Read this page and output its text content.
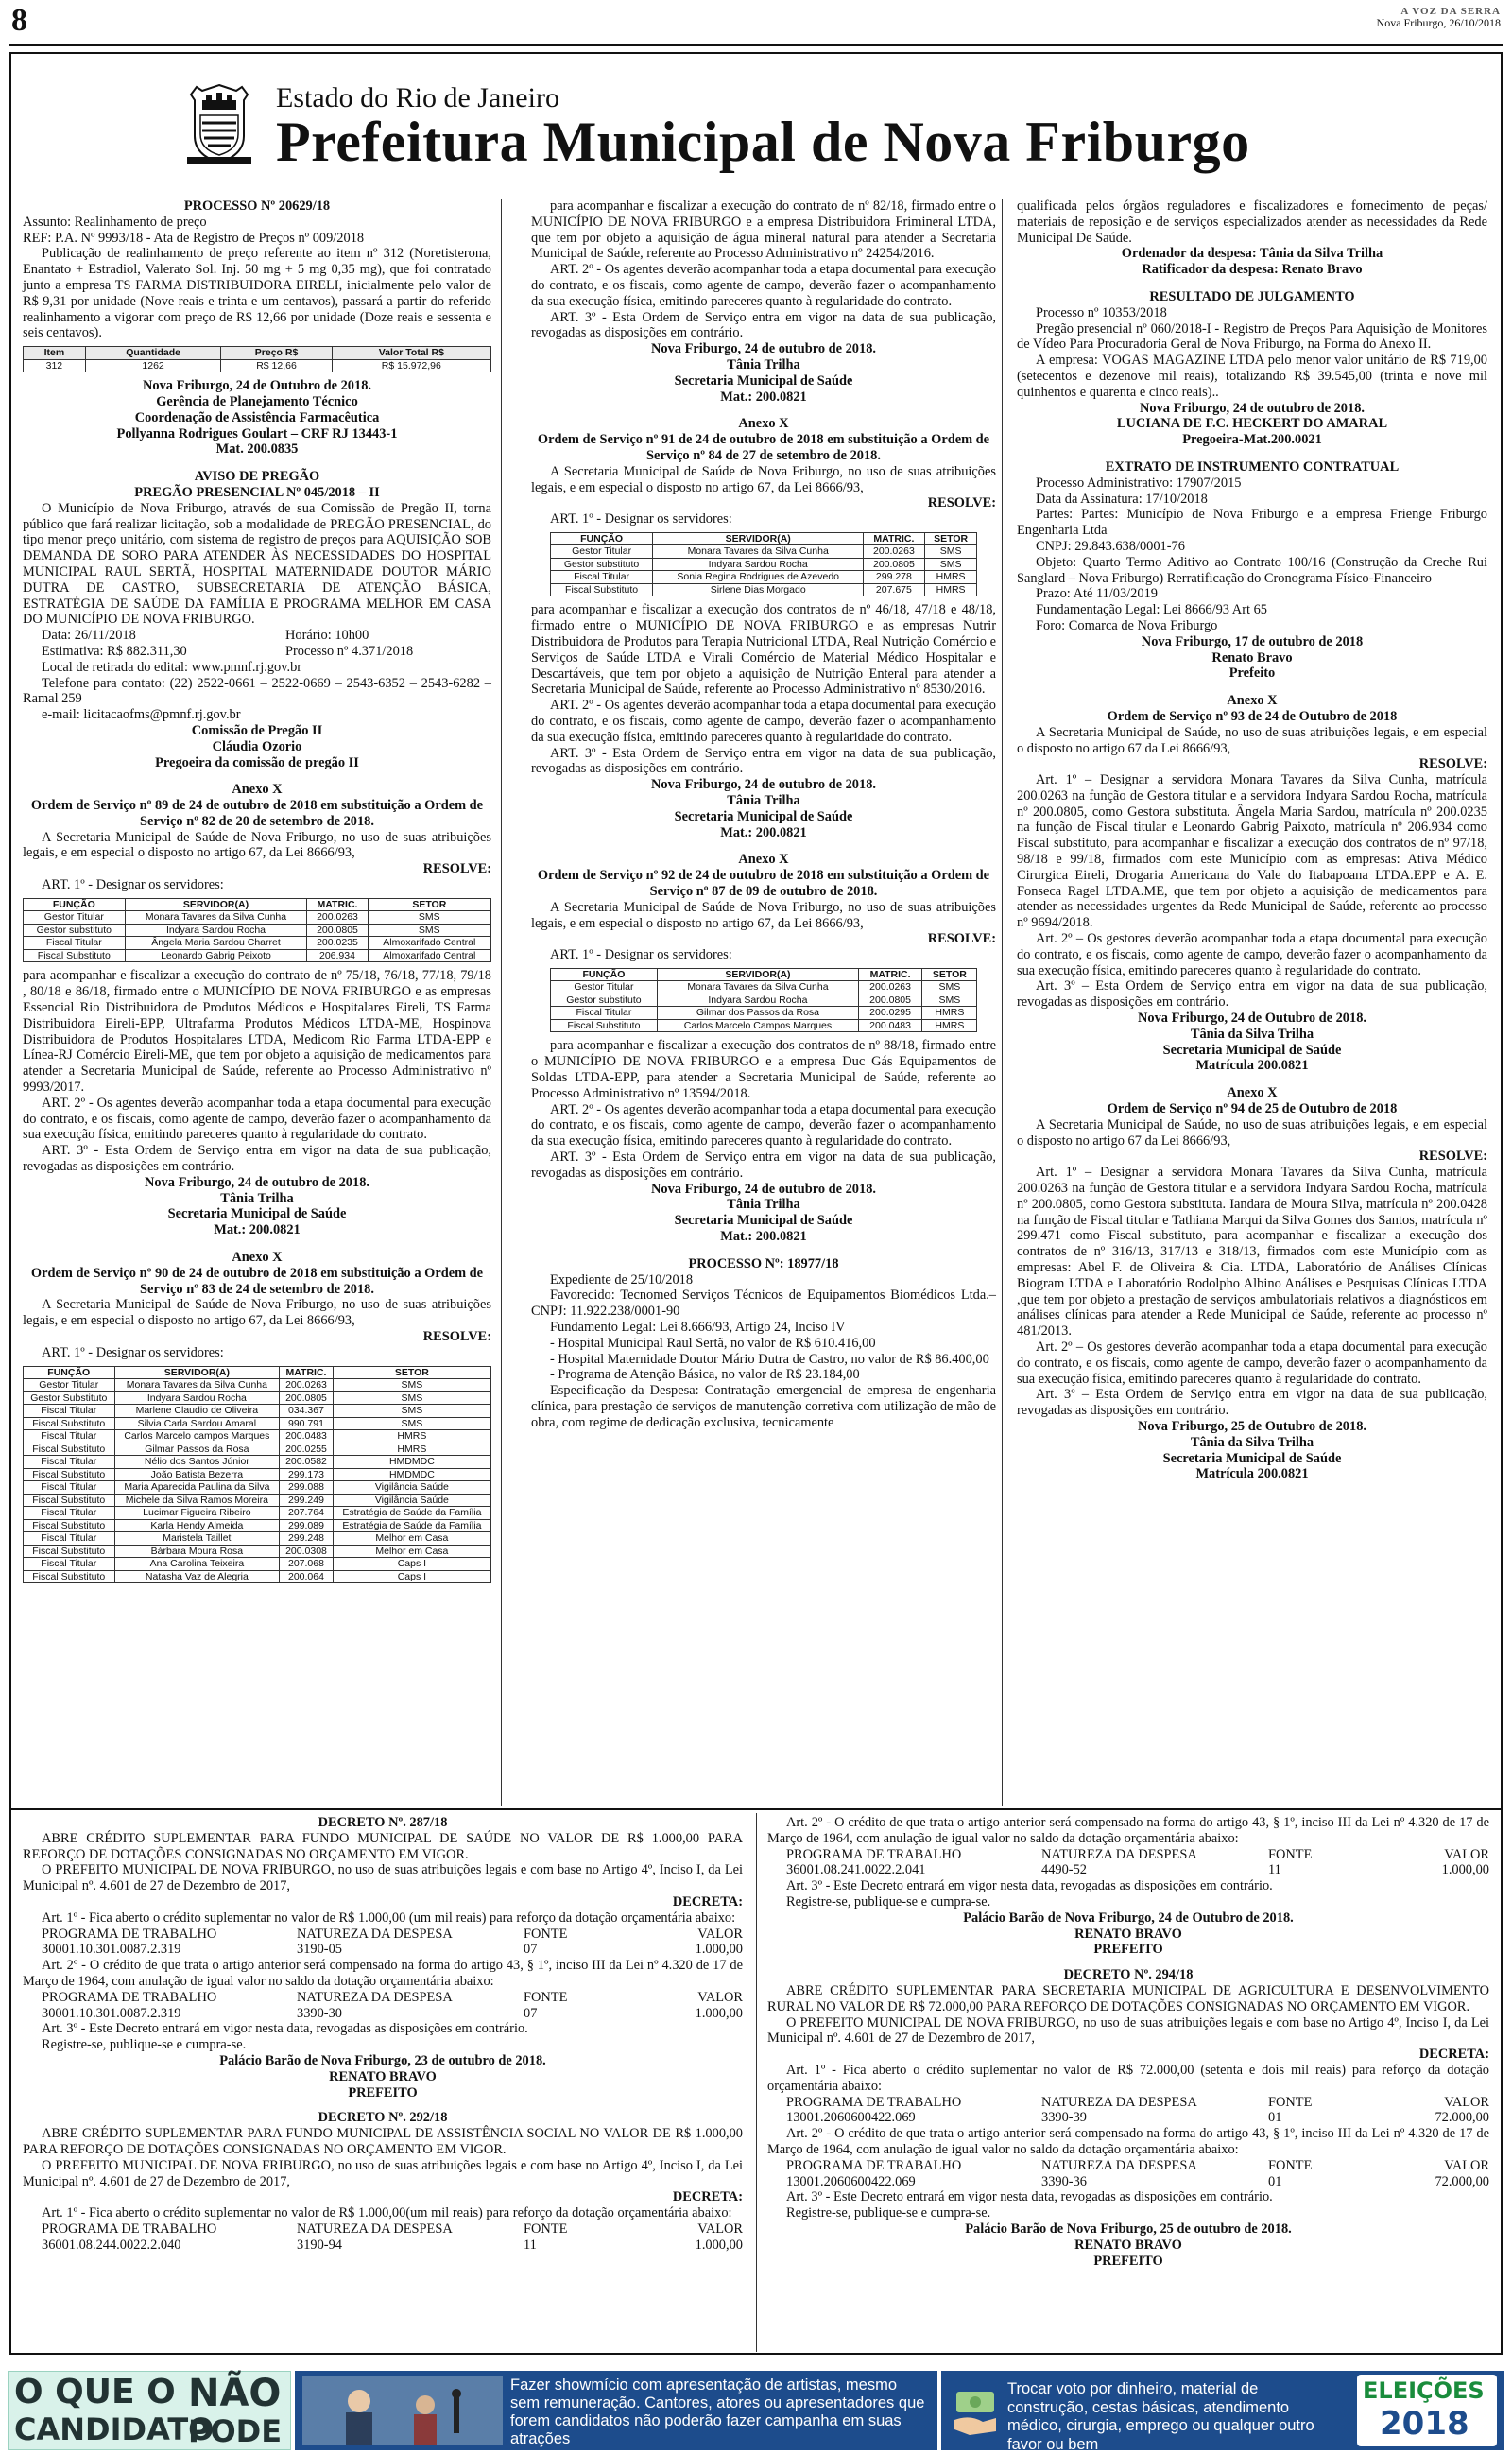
8	A VOZ DA SERRA
Nova Friburgo, 26/10/2018
Estado do Rio de Janeiro
Prefeitura Municipal de Nova Friburgo

PROCESSO Nº 20629/18

Assunto: Realinhamento de preço

REF: P.A. Nº 9993/18 - Ata de Registro de Preços nº 009/2018

Publicação de realinhamento de preço referente ao item nº 312 (Noretisterona, Enantato + Estradiol, Valerato Sol. Inj. 50 mg + 5 mg 0,35 mg), que foi contratado junto a empresa TS FARMA DISTRIBUIDORA EIRELI, inicialmente pelo valor de R$ 9,31 por unidade (Nove reais e trinta e um centavos), passará a partir do referido realinhamento a vigorar com preço de R$ 12,66 por unidade (Doze reais e sessenta e seis centavos).

Item	Quantidade	Preço R$	Valor Total R$
312	1262	R$ 12,66	R$ 15.972,96

Nova Friburgo, 24 de Outubro de 2018.

Gerência de Planejamento Técnico

Coordenação de Assistência Farmacêutica

Pollyanna Rodrigues Goulart – CRF RJ 13443-1

Mat. 200.0835

AVISO DE PREGÃO

PREGÃO PRESENCIAL Nº 045/2018 – II

O Município de Nova Friburgo, através de sua Comissão de Pregão II, torna público que fará realizar licitação, sob a modalidade de PREGÃO PRESENCIAL, do tipo menor preço unitário, com sistema de registro de preços para AQUISIÇÃO SOB DEMANDA DE SORO PARA ATENDER ÀS NECESSIDADES DO HOSPITAL MUNICIPAL RAUL SERTÃ, HOSPITAL MATERNIDADE DOUTOR MÁRIO DUTRA DE CASTRO, SUBSECRETARIA DE ATENÇÃO BÁSICA, ESTRATÉGIA DE SAÚDE DA FAMÍLIA E PROGRAMA MELHOR EM CASA DO MUNICÍPIO DE NOVA FRIBURGO.

Data: 26/11/2018	Horário: 10h00

Estimativa: R$ 882.311,30	Processo nº 4.371/2018

Local de retirada do edital: www.pmnf.rj.gov.br

Telefone para contato: (22) 2522-0661 – 2522-0669 – 2543-6352 – 2543-6282 – Ramal 259

e-mail: licitacaofms@pmnf.rj.gov.br

Comissão de Pregão II

Cláudia Ozorio

Pregoeira da comissão de pregão II

Anexo X

Ordem de Serviço nº 89 de 24 de outubro de 2018 em substituição a Ordem de Serviço nº 82 de 20 de setembro de 2018.

A Secretaria Municipal de Saúde de Nova Friburgo, no uso de suas atribuições legais, e em especial o disposto no artigo 67, da Lei 8666/93,

RESOLVE:

ART. 1º - Designar os servidores:

FUNÇÃO	SERVIDOR(A)	MATRIC.	SETOR
Gestor Titular	Monara Tavares da Silva Cunha	200.0263	SMS
Gestor substituto	Indyara Sardou Rocha	200.0805	SMS
Fiscal Titular	Ângela Maria Sardou Charret	200.0235	Almoxarifado Central
Fiscal Substituto	Leonardo Gabrig Peixoto	206.934	Almoxarifado Central

para acompanhar e fiscalizar a execução do contrato de nº 75/18, 76/18, 77/18, 79/18 , 80/18 e 86/18, firmado entre o MUNICÍPIO DE NOVA FRIBURGO e as empresas Essencial Rio Distribuidora de Produtos Médicos e Hospitalares Eireli, TS Farma Distribuidora Eireli-EPP, Ultrafarma Produtos Médicos LTDA-ME, Hospinova Distribuidora de Produtos Hospitalares LTDA, Medicom Rio Farma LTDA-EPP e Línea-RJ Comércio Eireli-ME, que tem por objeto a aquisição de medicamentos para atender a Secretaria Municipal de Saúde, referente ao Processo Administrativo nº 9993/2017.

ART. 2º - Os agentes deverão acompanhar toda a etapa documental para execução do contrato, e os fiscais, como agente de campo, deverão fazer o acompanhamento da sua execução física, emitindo pareceres quanto à regularidade do contrato.

ART. 3º - Esta Ordem de Serviço entra em vigor na data de sua publicação, revogadas as disposições em contrário.

Nova Friburgo, 24 de outubro de 2018.

Tânia Trilha

Secretaria Municipal de Saúde

Mat.: 200.0821

Anexo X

Ordem de Serviço nº 90 de 24 de outubro de 2018 em substituição a Ordem de Serviço nº 83 de 24 de setembro de 2018.

A Secretaria Municipal de Saúde de Nova Friburgo, no uso de suas atribuições legais, e em especial o disposto no artigo 67, da Lei 8666/93,

RESOLVE:

ART. 1º - Designar os servidores:

FUNÇÃO	SERVIDOR(A)	MATRIC.	SETOR
Gestor Titular	Monara Tavares da Silva Cunha	200.0263	SMS
Gestor Substituto	Indyara Sardou Rocha	200.0805	SMS
Fiscal Titular	Marlene Claudio de Oliveira	034.367	SMS
Fiscal Substituto	Silvia Carla Sardou Amaral	990.791	SMS
Fiscal Titular	Carlos Marcelo campos Marques	200.0483	HMRS
Fiscal Substituto	Gilmar Passos da Rosa	200.0255	HMRS
Fiscal Titular	Nélio dos Santos Júnior	200.0582	HMDMDC
Fiscal Substituto	João Batista Bezerra	299.173	HMDMDC
Fiscal Titular	Maria Aparecida Paulina da Silva	299.088	Vigilância Saúde
Fiscal Substituto	Michele da Silva Ramos Moreira	299.249	Vigilância Saúde
Fiscal Titular	Lucimar Figueira Ribeiro	207.764	Estratégia de Saúde da Família
Fiscal Substituto	Karla Hendy Almeida	299.089	Estratégia de Saúde da Família
Fiscal Titular	Maristela Taillet	299.248	Melhor em Casa
Fiscal Substituto	Bárbara Moura Rosa	200.0308	Melhor em Casa
Fiscal Titular	Ana Carolina Teixeira	207.068	Caps I
Fiscal Substituto	Natasha Vaz de Alegria	200.064	Caps I

para acompanhar e fiscalizar a execução do contrato de nº 82/18, firmado entre o MUNICÍPIO DE NOVA FRIBURGO e a empresa Distribuidora Frimineral LTDA, que tem por objeto a aquisição de água mineral natural para atender a Secretaria Municipal de Saúde, referente ao Processo Administrativo nº 24254/2016.

ART. 2º - Os agentes deverão acompanhar toda a etapa documental para execução do contrato, e os fiscais, como agente de campo, deverão fazer o acompanhamento da sua execução física, emitindo pareceres quanto à regularidade do contrato.

ART. 3º - Esta Ordem de Serviço entra em vigor na data de sua publicação, revogadas as disposições em contrário.

Nova Friburgo, 24 de outubro de 2018.

Tânia Trilha

Secretaria Municipal de Saúde

Mat.: 200.0821

Anexo X

Ordem de Serviço nº 91 de 24 de outubro de 2018 em substituição a Ordem de Serviço nº 84 de 27 de setembro de 2018.

A Secretaria Municipal de Saúde de Nova Friburgo, no uso de suas atribuições legais, e em especial o disposto no artigo 67, da Lei 8666/93,

RESOLVE:

ART. 1º - Designar os servidores:

FUNÇÃO	SERVIDOR(A)	MATRIC.	SETOR
Gestor Titular	Monara Tavares da Silva Cunha	200.0263	SMS
Gestor substituto	Indyara Sardou Rocha	200.0805	SMS
Fiscal Titular	Sonia Regina Rodrigues de Azevedo	299.278	HMRS
Fiscal Substituto	Sirlene Dias Morgado	207.675	HMRS

para acompanhar e fiscalizar a execução dos contratos de nº 46/18, 47/18 e 48/18, firmado entre o MUNICÍPIO DE NOVA FRIBURGO e as empresas Nutrir Distribuidora de Produtos para Terapia Nutricional LTDA, Real Nutrição Comércio e Serviços de Saúde LTDA e Virali Comércio de Material Médico Hospitalar e Descartáveis, que tem por objeto a aquisição de Nutrição Enteral para atender a Secretaria Municipal de Saúde, referente ao Processo Administrativo nº 8530/2016.

ART. 2º - Os agentes deverão acompanhar toda a etapa documental para execução do contrato, e os fiscais, como agente de campo, deverão fazer o acompanhamento da sua execução física, emitindo pareceres quanto à regularidade do contrato.

ART. 3º - Esta Ordem de Serviço entra em vigor na data de sua publicação, revogadas as disposições em contrário.

Nova Friburgo, 24 de outubro de 2018.

Tânia Trilha

Secretaria Municipal de Saúde

Mat.: 200.0821

Anexo X

Ordem de Serviço nº 92 de 24 de outubro de 2018 em substituição a Ordem de Serviço nº 87 de 09 de outubro de 2018.

A Secretaria Municipal de Saúde de Nova Friburgo, no uso de suas atribuições legais, e em especial o disposto no artigo 67, da Lei 8666/93,

RESOLVE:

ART. 1º - Designar os servidores:

FUNÇÃO	SERVIDOR(A)	MATRIC.	SETOR
Gestor Titular	Monara Tavares da Silva Cunha	200.0263	SMS
Gestor substituto	Indyara Sardou Rocha	200.0805	SMS
Fiscal Titular	Gilmar dos Passos da Rosa	200.0295	HMRS
Fiscal Substituto	Carlos Marcelo Campos Marques	200.0483	HMRS

para acompanhar e fiscalizar a execução dos contratos de nº 88/18, firmado entre o MUNICÍPIO DE NOVA FRIBURGO e a empresa Duc Gás Equipamentos de Soldas LTDA-EPP, para atender a Secretaria Municipal de Saúde, referente ao Processo Administrativo nº 13594/2018.

ART. 2º - Os agentes deverão acompanhar toda a etapa documental para execução do contrato, e os fiscais, como agente de campo, deverão fazer o acompanhamento da sua execução física, emitindo pareceres quanto à regularidade do contrato.

ART. 3º - Esta Ordem de Serviço entra em vigor na data de sua publicação, revogadas as disposições em contrário.

Nova Friburgo, 24 de outubro de 2018.

Tânia Trilha

Secretaria Municipal de Saúde

Mat.: 200.0821

PROCESSO Nº: 18977/18

Expediente de 25/10/2018

Favorecido: Tecnomed Serviços Técnicos de Equipamentos Biomédicos Ltda.– CNPJ: 11.922.238/0001-90

Fundamento Legal: Lei 8.666/93, Artigo 24, Inciso IV

- Hospital Municipal Raul Sertã, no valor de R$ 610.416,00

- Hospital Maternidade Doutor Mário Dutra de Castro, no valor de R$ 86.400,00

- Programa de Atenção Básica, no valor de R$ 23.184,00

Especificação da Despesa: Contratação emergencial de empresa de engenharia clínica, para prestação de serviços de manutenção corretiva com utilização de mão de obra, com regime de dedicação exclusiva, tecnicamente

qualificada pelos órgãos reguladores e fiscalizadores e fornecimento de peças/ materiais de reposição e de serviços especializados atender as necessidades da Rede Municipal De Saúde.

Ordenador da despesa: Tânia da Silva Trilha

Ratificador da despesa: Renato Bravo

RESULTADO DE JULGAMENTO

Processo nº 10353/2018

Pregão presencial nº 060/2018-I - Registro de Preços Para Aquisição de Monitores de Vídeo Para Procuradoria Geral de Nova Friburgo, na Forma do Anexo II.

A empresa: VOGAS MAGAZINE LTDA pelo menor valor unitário de R$ 719,00 (setecentos e dezenove mil reais), totalizando R$ 39.545,00 (trinta e nove mil quinhentos e quarenta e cinco reais)..

Nova Friburgo, 24 de outubro de 2018.

LUCIANA DE F.C. HECKERT DO AMARAL

Pregoeira-Mat.200.0021

EXTRATO DE INSTRUMENTO CONTRATUAL

Processo Administrativo: 17907/2015

Data da Assinatura: 17/10/2018

Partes: Partes: Município de Nova Friburgo e a empresa Frienge Friburgo Engenharia Ltda

CNPJ: 29.843.638/0001-76

Objeto: Quarto Termo Aditivo ao Contrato 100/16 (Construção da Creche Rui Sanglard – Nova Friburgo) Rerratificação do Cronograma Físico-Financeiro

Prazo: Até 11/03/2019

Fundamentação Legal: Lei 8666/93 Art 65

Foro: Comarca de Nova Friburgo

Nova Friburgo, 17 de outubro de 2018

Renato Bravo

Prefeito

Anexo X

Ordem de Serviço nº 93 de 24 de Outubro de 2018

A Secretaria Municipal de Saúde, no uso de suas atribuições legais, e em especial o disposto no artigo 67 da Lei 8666/93,

RESOLVE:

Art. 1º – Designar a servidora Monara Tavares da Silva Cunha, matrícula 200.0263 na função de Gestora titular e a servidora Indyara Sardou Rocha, matrícula nº 200.0805, como Gestora substituta. Ângela Maria Sardou, matrícula nº 200.0235 na função de Fiscal titular e Leonardo Gabrig Paixoto, matrícula nº 206.934 como Fiscal substituto, para acompanhar e fiscalizar a execução dos contratos de nº 97/18, 98/18 e 99/18, firmados com este Município com as empresas: Ativa Médico Cirurgica Eireli, Drogaria Americana do Vale do Itabapoana LTDA.EPP e A. E. Fonseca Ragel LTDA.ME, que tem por objeto a aquisição de medicamentos para atender as necessidades urgentes da Rede Municipal de Saúde, referente ao processo nº 9694/2018.

Art. 2º – Os gestores deverão acompanhar toda a etapa documental para execução do contrato, e os fiscais, como agente de campo, deverão fazer o acompanhamento da sua execução física, emitindo pareceres quanto à regularidade do contrato.

Art. 3º – Esta Ordem de Serviço entra em vigor na data de sua publicação, revogadas as disposições em contrário.

Nova Friburgo, 24 de Outubro de 2018.

Tânia da Silva Trilha

Secretaria Municipal de Saúde

Matrícula 200.0821

Anexo X

Ordem de Serviço nº 94 de 25 de Outubro de 2018

A Secretaria Municipal de Saúde, no uso de suas atribuições legais, e em especial o disposto no artigo 67 da Lei 8666/93,

RESOLVE:

Art. 1º – Designar a servidora Monara Tavares da Silva Cunha, matrícula 200.0263 na função de Gestora titular e a servidora Indyara Sardou Rocha, matrícula nº 200.0805, como Gestora substituta. Iandara de Moura Silva, matrícula nº 200.0428 na função de Fiscal titular e Tathiana Marqui da Silva Gomes dos Santos, matrícula nº 299.471 como Fiscal substituto, para acompanhar e fiscalizar a execução dos contratos de nº 316/13, 317/13 e 318/13, firmados com este Município com as empresas: Abel F. de Oliveira & Cia. LTDA, Laboratório de Análises Clínicas Biogram LTDA e Laboratório Rodolpho Albino Análises e Pesquisas Clínicas LTDA ,que tem por objeto a prestação de serviços ambulatoriais relativos a diagnósticos em análises clínicas para atender a Rede Municipal de Saúde, referente ao processo nº 481/2013.

Art. 2º – Os gestores deverão acompanhar toda a etapa documental para execução do contrato, e os fiscais, como agente de campo, deverão fazer o acompanhamento da sua execução física, emitindo pareceres quanto à regularidade do contrato.

Art. 3º – Esta Ordem de Serviço entra em vigor na data de sua publicação, revogadas as disposições em contrário.

Nova Friburgo, 25 de Outubro de 2018.

Tânia da Silva Trilha

Secretaria Municipal de Saúde

Matrícula 200.0821

DECRETO Nº. 287/18

ABRE CRÉDITO SUPLEMENTAR PARA FUNDO MUNICIPAL DE SAÚDE NO VALOR DE R$ 1.000,00 PARA REFORÇO DE DOTAÇÕES CONSIGNADAS NO ORÇAMENTO EM VIGOR.

O PREFEITO MUNICIPAL DE NOVA FRIBURGO, no uso de suas atribuições legais e com base no Artigo 4º, Inciso I, da Lei Municipal nº. 4.601 de 27 de Dezembro de 2017,

DECRETA:

Art. 1º - Fica aberto o crédito suplementar no valor de R$ 1.000,00 (um mil reais) para reforço da dotação orçamentária abaixo:

PROGRAMA DE TRABALHO	NATUREZA DA DESPESA	FONTE	VALOR
30001.10.301.0087.2.319	3190-05	07	1.000,00

Art. 2º - O crédito de que trata o artigo anterior será compensado na forma do artigo 43, § 1º, inciso III da Lei nº 4.320 de 17 de Março de 1964, com anulação de igual valor no saldo da dotação orçamentária abaixo:

PROGRAMA DE TRABALHO	NATUREZA DA DESPESA	FONTE	VALOR
30001.10.301.0087.2.319	3390-30	07	1.000,00

Art. 3º - Este Decreto entrará em vigor nesta data, revogadas as disposições em contrário.

Registre-se, publique-se e cumpra-se.

Palácio Barão de Nova Friburgo, 23 de outubro de 2018.

RENATO BRAVO

PREFEITO

DECRETO Nº. 292/18

ABRE CRÉDITO SUPLEMENTAR PARA FUNDO MUNICIPAL DE ASSISTÊNCIA SOCIAL NO VALOR DE R$ 1.000,00 PARA REFORÇO DE DOTAÇÕES CONSIGNADAS NO ORÇAMENTO EM VIGOR.

O PREFEITO MUNICIPAL DE NOVA FRIBURGO, no uso de suas atribuições legais e com base no Artigo 4º, Inciso I, da Lei Municipal nº. 4.601 de 27 de Dezembro de 2017,

DECRETA:

Art. 1º - Fica aberto o crédito suplementar no valor de R$ 1.000,00(um mil reais) para reforço da dotação orçamentária abaixo:

PROGRAMA DE TRABALHO	NATUREZA DA DESPESA	FONTE	VALOR
36001.08.244.0022.2.040	3190-94	11	1.000,00

Art. 2º - O crédito de que trata o artigo anterior será compensado na forma do artigo 43, § 1º, inciso III da Lei nº 4.320 de 17 de Março de 1964, com anulação de igual valor no saldo da dotação orçamentária abaixo:

PROGRAMA DE TRABALHO	NATUREZA DA DESPESA	FONTE	VALOR
36001.08.241.0022.2.041	4490-52	11	1.000,00

Art. 3º - Este Decreto entrará em vigor nesta data, revogadas as disposições em contrário.

Registre-se, publique-se e cumpra-se.

Palácio Barão de Nova Friburgo, 24 de Outubro de 2018.

RENATO BRAVO

PREFEITO

DECRETO Nº. 294/18

ABRE CRÉDITO SUPLEMENTAR PARA SECRETARIA MUNICIPAL DE AGRICULTURA E DESENVOLVIMENTO RURAL NO VALOR DE R$ 72.000,00 PARA REFORÇO DE DOTAÇÕES CONSIGNADAS NO ORÇAMENTO EM VIGOR.

O PREFEITO MUNICIPAL DE NOVA FRIBURGO, no uso de suas atribuições legais e com base no Artigo 4º, Inciso I, da Lei Municipal nº. 4.601 de 27 de Dezembro de 2017,

DECRETA:

Art. 1º - Fica aberto o crédito suplementar no valor de R$ 72.000,00 (setenta e dois mil reais) para reforço da dotação orçamentária abaixo:

PROGRAMA DE TRABALHO	NATUREZA DA DESPESA	FONTE	VALOR
13001.2060600422.069	3390-39	01	72.000,00

Art. 2º - O crédito de que trata o artigo anterior será compensado na forma do artigo 43, § 1º, inciso III da Lei nº 4.320 de 17 de Março de 1964, com anulação de igual valor no saldo da dotação orçamentária abaixo:

PROGRAMA DE TRABALHO	NATUREZA DA DESPESA	FONTE	VALOR
13001.2060600422.069	3390-36	01	72.000,00

Art. 3º - Este Decreto entrará em vigor nesta data, revogadas as disposições em contrário.

Registre-se, publique-se e cumpra-se.

Palácio Barão de Nova Friburgo, 25 de outubro de 2018.

RENATO BRAVO

PREFEITO

O QUE O
CANDIDATO
NÃO
PODE
Fazer showmício com apresentação de artistas, mesmo sem remuneração. Cantores, atores ou apresentadores que forem candidatos não poderão fazer campanha em suas atrações
Trocar voto por dinheiro, material de construção, cestas básicas, atendimento médico, cirurgia, emprego ou qualquer outro favor ou bem
ELEIÇÕES
2018
